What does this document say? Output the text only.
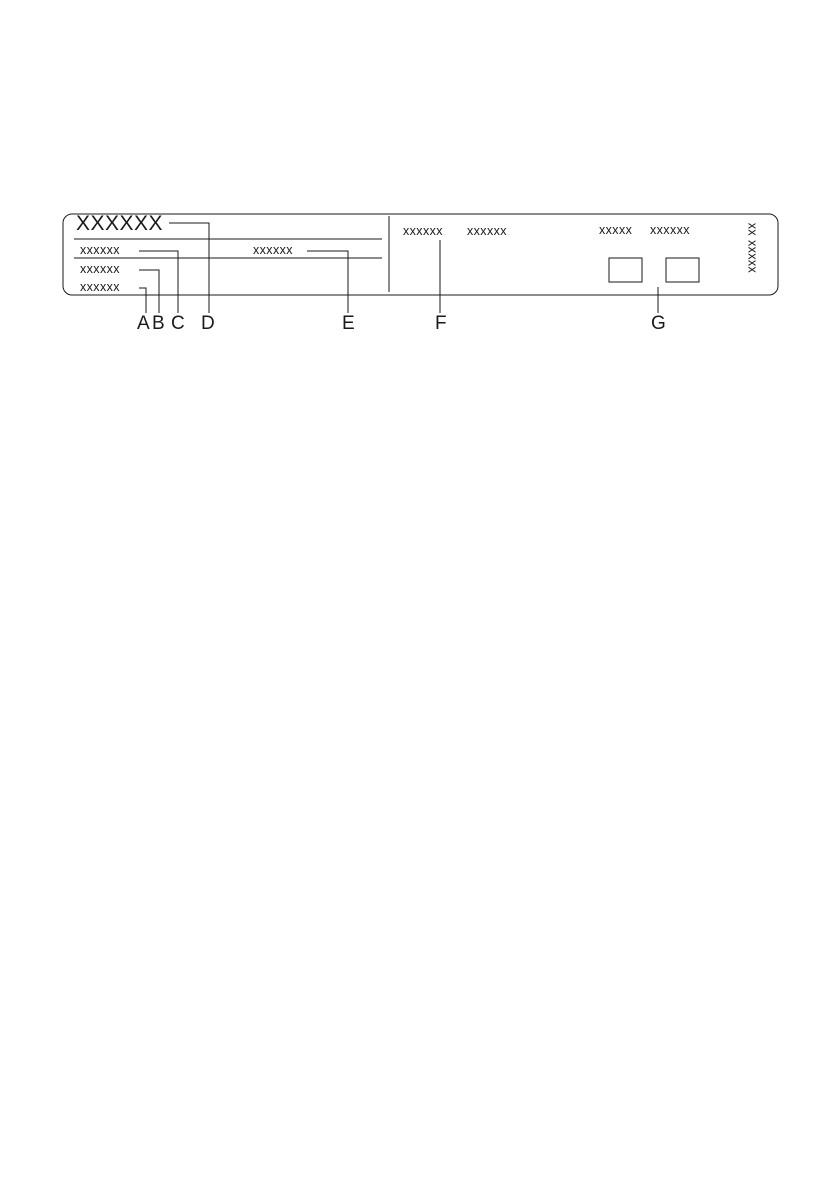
XXXXXX
xxxxxx
xxxxxx
xxxxxx
xxxxxx
xxxxxx xxxxxx	xxxxx xxxxxx	xx xxxxx
A B C D	E	F	G
